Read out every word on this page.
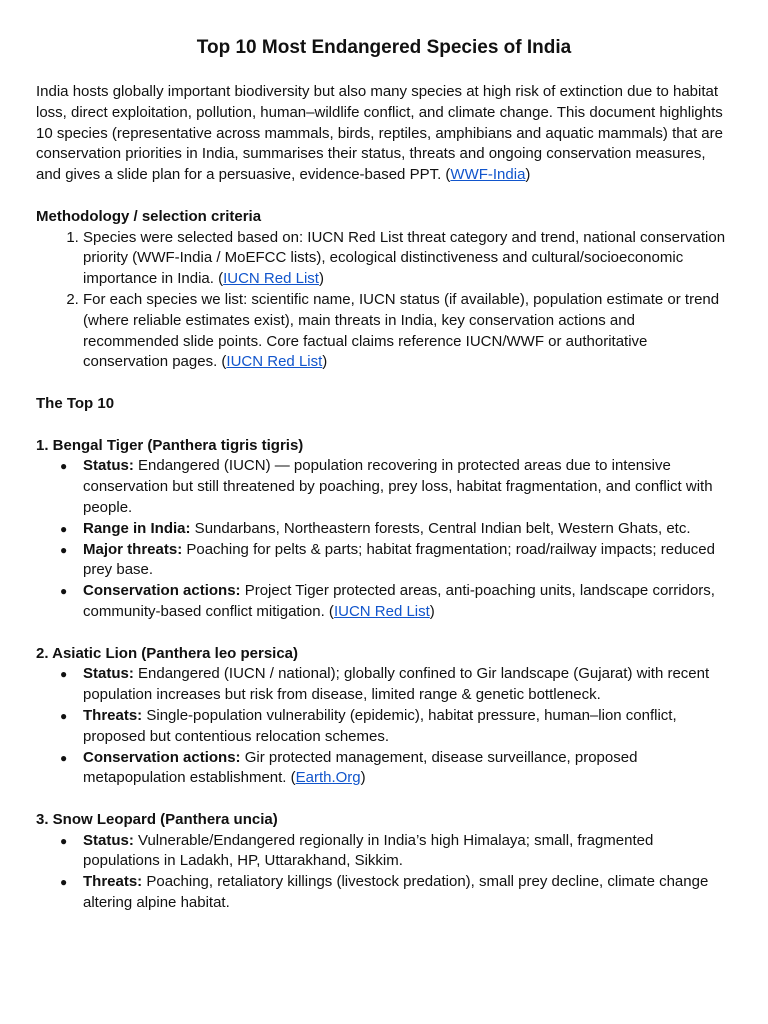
Top 10 Most Endangered Species of India

India hosts globally important biodiversity but also many species at high risk of extinction due to habitat loss, direct exploitation, pollution, human–wildlife conflict, and climate change. This document highlights 10 species (representative across mammals, birds, reptiles, amphibians and aquatic mammals) that are conservation priorities in India, summarises their status, threats and ongoing conservation measures, and gives a slide plan for a persuasive, evidence-based PPT. (WWF-India)

Methodology / selection criteria

1. Species were selected based on: IUCN Red List threat category and trend, national conservation priority (WWF-India / MoEFCC lists), ecological distinctiveness and cultural/socioeconomic importance in India. (IUCN Red List)
2. For each species we list: scientific name, IUCN status (if available), population estimate or trend (where reliable estimates exist), main threats in India, key conservation actions and recommended slide points. Core factual claims reference IUCN/WWF or authoritative conservation pages. (IUCN Red List)

The Top 10

1. Bengal Tiger (Panthera tigris tigris)

● Status: Endangered (IUCN) — population recovering in protected areas due to intensive conservation but still threatened by poaching, prey loss, habitat fragmentation, and conflict with people.
● Range in India: Sundarbans, Northeastern forests, Central Indian belt, Western Ghats, etc.
● Major threats: Poaching for pelts & parts; habitat fragmentation; road/railway impacts; reduced prey base.
● Conservation actions: Project Tiger protected areas, anti-poaching units, landscape corridors, community-based conflict mitigation. (IUCN Red List)

2. Asiatic Lion (Panthera leo persica)

● Status: Endangered (IUCN / national); globally confined to Gir landscape (Gujarat) with recent population increases but risk from disease, limited range & genetic bottleneck.
● Threats: Single-population vulnerability (epidemic), habitat pressure, human–lion conflict, proposed but contentious relocation schemes.
● Conservation actions: Gir protected management, disease surveillance, proposed metapopulation establishment. (Earth.Org)

3. Snow Leopard (Panthera uncia)

● Status: Vulnerable/Endangered regionally in India’s high Himalaya; small, fragmented populations in Ladakh, HP, Uttarakhand, Sikkim.
● Threats: Poaching, retaliatory killings (livestock predation), small prey decline, climate change altering alpine habitat.
